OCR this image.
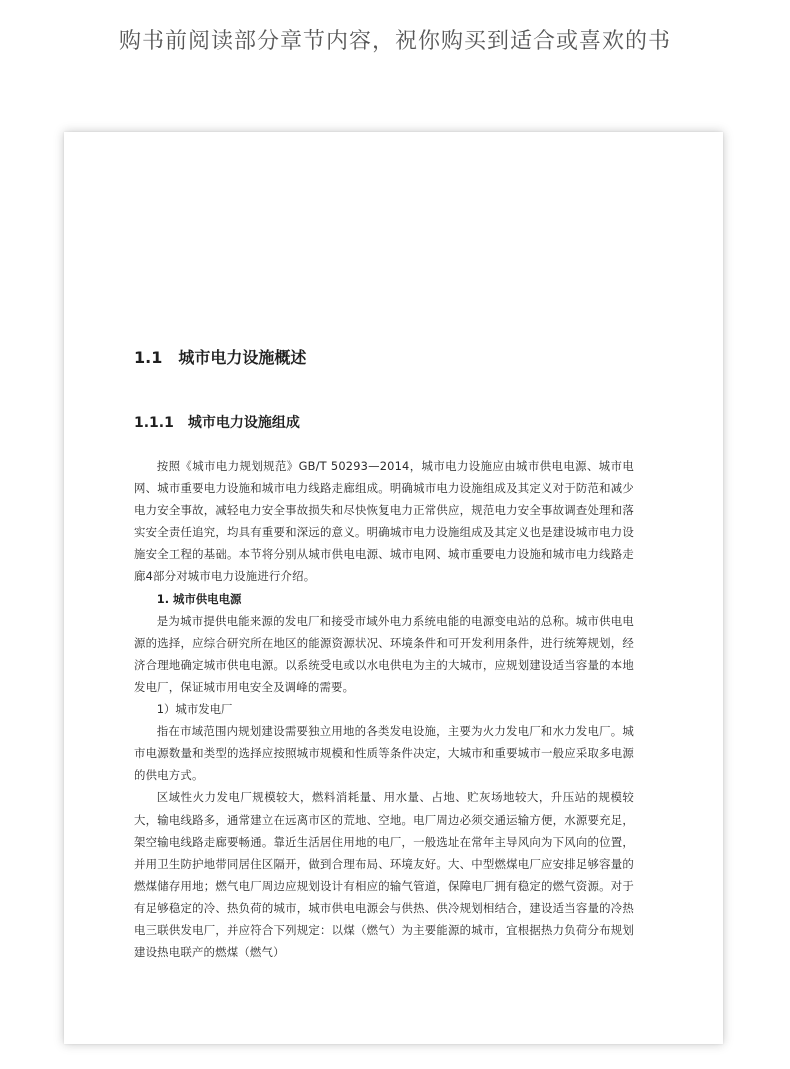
购书前阅读部分章节内容，祝你购买到适合或喜欢的书
1.1 城市电力设施概述
1.1.1 城市电力设施组成

按照《城市电力规划规范》GB/T 50293—2014，城市电力设施应由城市供电电源、城市电网、城市重要电力设施和城市电力线路走廊组成。明确城市电力设施组成及其定义对于防范和减少电力安全事故，减轻电力安全事故损失和尽快恢复电力正常供应，规范电力安全事故调查处理和落实安全责任追究，均具有重要和深远的意义。明确城市电力设施组成及其定义也是建设城市电力设施安全工程的基础。本节将分别从城市供电电源、城市电网、城市重要电力设施和城市电力线路走廊4部分对城市电力设施进行介绍。

1. 城市供电电源

是为城市提供电能来源的发电厂和接受市域外电力系统电能的电源变电站的总称。城市供电电源的选择，应综合研究所在地区的能源资源状况、环境条件和可开发利用条件，进行统筹规划，经济合理地确定城市供电电源。以系统受电或以水电供电为主的大城市，应规划建设适当容量的本地发电厂，保证城市用电安全及调峰的需要。

1）城市发电厂

指在市域范围内规划建设需要独立用地的各类发电设施，主要为火力发电厂和水力发电厂。城市电源数量和类型的选择应按照城市规模和性质等条件决定，大城市和重要城市一般应采取多电源的供电方式。

区域性火力发电厂规模较大，燃料消耗量、用水量、占地、贮灰场地较大，升压站的规模较大，输电线路多，通常建立在远离市区的荒地、空地。电厂周边必须交通运输方便，水源要充足，架空输电线路走廊要畅通。靠近生活居住用地的电厂，一般选址在常年主导风向为下风向的位置，并用卫生防护地带同居住区隔开，做到合理布局、环境友好。大、中型燃煤电厂应安排足够容量的燃煤储存用地；燃气电厂周边应规划设计有相应的输气管道，保障电厂拥有稳定的燃气资源。对于有足够稳定的冷、热负荷的城市，城市供电电源会与供热、供冷规划相结合，建设适当容量的冷热电三联供发电厂，并应符合下列规定：以煤（燃气）为主要能源的城市，宜根据热力负荷分布规划建设热电联产的燃煤（燃气）
